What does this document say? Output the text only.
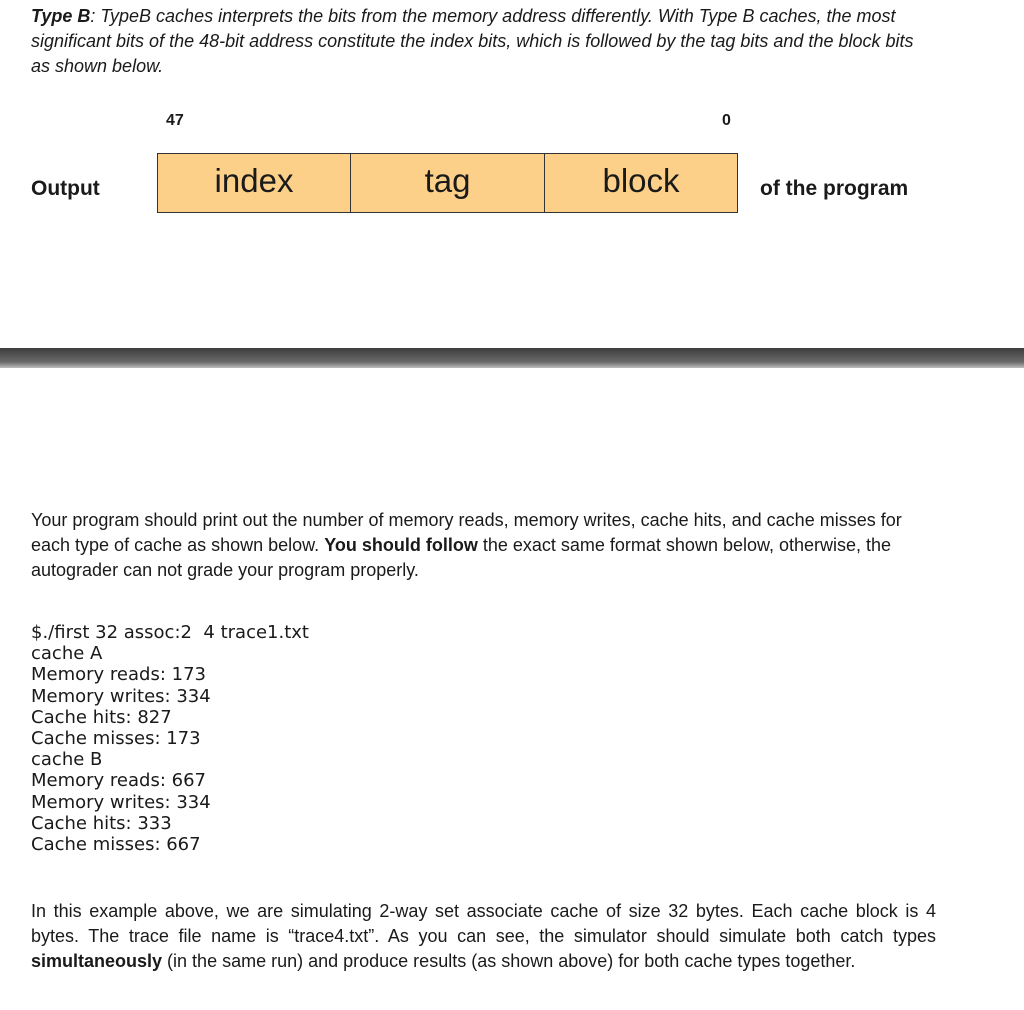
Type B: TypeB caches interprets the bits from the memory address differently. With Type B caches, the most significant bits of the 48-bit address constitute the index bits, which is followed by the tag bits and the block bits as shown below.

47	0
Output	index	tag	block	of the program

Your program should print out the number of memory reads, memory writes, cache hits, and cache misses for each type of cache as shown below. You should follow the exact same format shown below, otherwise, the autograder can not grade your program properly.

$./first 32 assoc:2  4 trace1.txt
cache A
Memory reads: 173
Memory writes: 334
Cache hits: 827
Cache misses: 173
cache B
Memory reads: 667
Memory writes: 334
Cache hits: 333
Cache misses: 667

In this example above, we are simulating 2-way set associate cache of size 32 bytes. Each cache block is 4 bytes. The trace file name is “trace4.txt”. As you can see, the simulator should simulate both catch types simultaneously (in the same run) and produce results (as shown above) for both cache types together.
